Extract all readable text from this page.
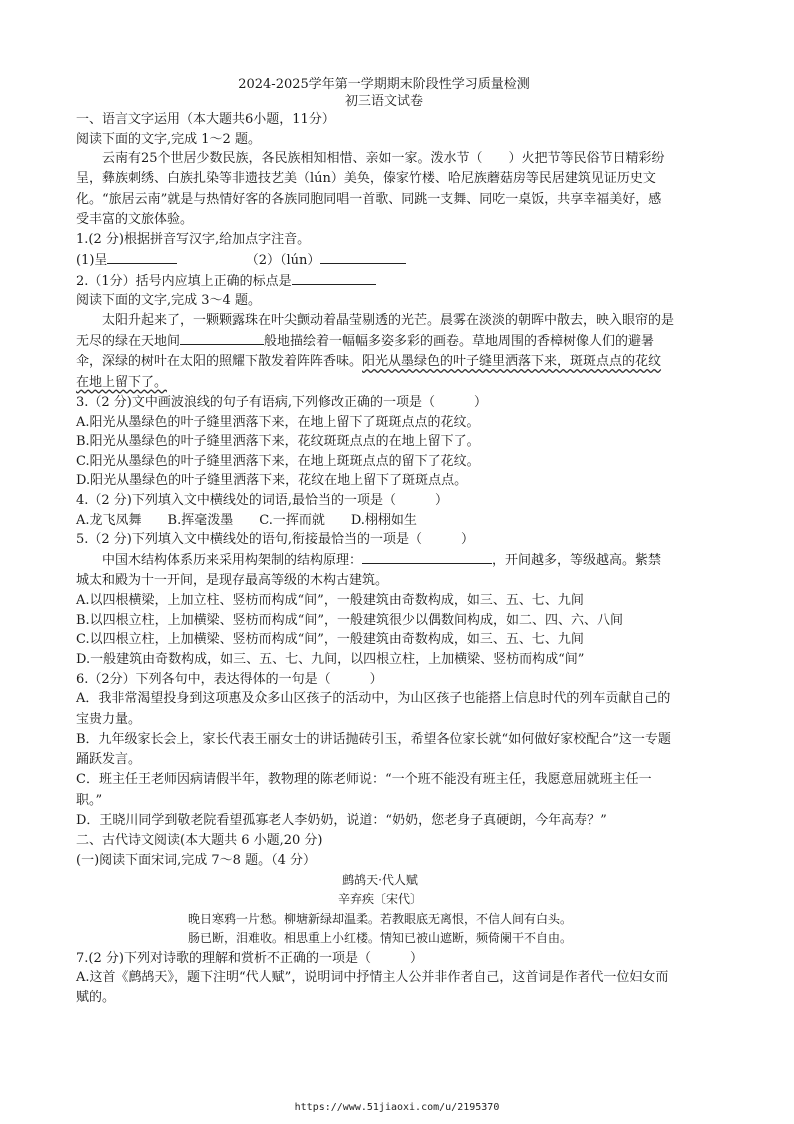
2024-2025学年第一学期期末阶段性学习质量检测
初三语文试卷
一、语言文字运用（本大题共6小题，11分）
阅读下面的文字,完成 1～2 题。
云南有25个世居少数民族，各民族相知相惜、亲如一家。泼水节（　　）火把节等民俗节日精彩纷呈，彝族刺绣、白族扎染等非遗技艺美（lún）美奂，傣家竹楼、哈尼族蘑菇房等民居建筑见证历史文化。“旅居云南”就是与热情好客的各族同胞同唱一首歌、同跳一支舞、同吃一桌饭，共享幸福美好，感受丰富的文旅体验。
1.(2 分)根据拼音写汉字,给加点字注音。
(1)呈	（2）（lún）
2.（1分）括号内应填上正确的标点是
阅读下面的文字,完成 3～4 题。
太阳升起来了，一颗颗露珠在叶尖颤动着晶莹剔透的光芒。晨雾在淡淡的朝晖中散去，映入眼帘的是无尽的绿在天地间	般地描绘着一幅幅多姿多彩的画卷。草地周围的香樟树像人们的避暑伞，深绿的树叶在太阳的照耀下散发着阵阵香味。阳光从墨绿色的叶子缝里洒落下来，斑斑点点的花纹在地上留下了。
3.（2 分)文中画波浪线的句子有语病,下列修改正确的一项是（　　　）
A.阳光从墨绿色的叶子缝里洒落下来，在地上留下了斑斑点点的花纹。
B.阳光从墨绿色的叶子缝里洒落下来，花纹斑斑点点的在地上留下了。
C.阳光从墨绿色的叶子缝里洒落下来，在地上斑斑点点的留下了花纹。
D.阳光从墨绿色的叶子缝里洒落下来，花纹在地上留下了斑斑点点。
4.（2 分)下列填入文中横线处的词语,最恰当的一项是（　　　）
A.龙飞凤舞　　B.挥毫泼墨　　C.一挥而就　　D.栩栩如生
5.（2 分)下列填入文中横线处的语句,衔接最恰当的一项是（　　　）
中国木结构体系历来采用构架制的结构原理：	，开间越多，等级越高。紫禁城太和殿为十一开间，是现存最高等级的木构古建筑。
A.以四根横梁，上加立柱、竖枋而构成“间”，一般建筑由奇数构成，如三、五、七、九间
B.以四根立柱，上加横梁、竖枋而构成“间”，一般建筑很少以偶数间构成，如二、四、六、八间
C.以四根立柱，上加横梁、竖枋而构成“间”，一般建筑由奇数构成，如三、五、七、九间
D.一般建筑由奇数构成，如三、五、七、九间，以四根立柱，上加横梁、竖枋而构成“间”
6.（2分）下列各句中，表达得体的一句是（　　　）
A．我非常渴望投身到这项惠及众多山区孩子的活动中，为山区孩子也能搭上信息时代的列车贡献自己的宝贵力量。
B．九年级家长会上，家长代表王丽女士的讲话抛砖引玉，希望各位家长就“如何做好家校配合”这一专题踊跃发言。
C．班主任王老师因病请假半年，教物理的陈老师说：“一个班不能没有班主任，我愿意屈就班主任一职。”
D．王晓川同学到敬老院看望孤寡老人李奶奶，说道：“奶奶，您老身子真硬朗，今年高寿？”
二、古代诗文阅读(本大题共 6 小题,20 分)
(一)阅读下面宋词,完成 7～8 题。（4 分）
鹧鸪天·代人赋
辛弃疾〔宋代〕
晚日寒鸦一片愁。柳塘新绿却温柔。若教眼底无离恨，不信人间有白头。
肠已断，泪难收。相思重上小红楼。情知已被山遮断，频倚阑干不自由。
7.(2 分)下列对诗歌的理解和赏析不正确的一项是（　　　）
A.这首《鹧鸪天》，题下注明“代人赋”，说明词中抒情主人公并非作者自己，这首词是作者代一位妇女而赋的。
https://www.51jiaoxi.com/u/2195370
